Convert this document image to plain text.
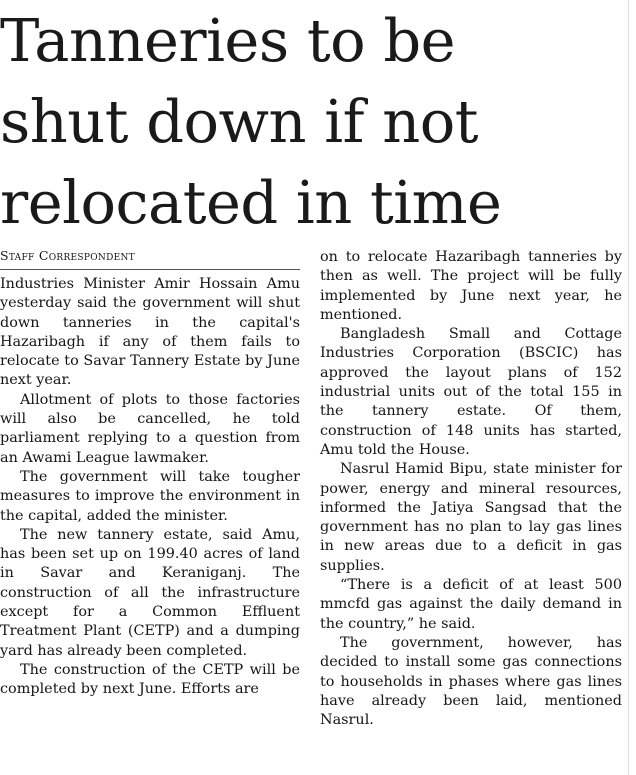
Tanneries to be
shut down if not
relocated in time
Staff Correspondent

Industries Minister Amir Hossain Amu yesterday said the government will shut down tanneries in the capital's Hazaribagh if any of them fails to relocate to Savar Tannery Estate by June next year.

Allotment of plots to those factories will also be cancelled, he told parliament replying to a question from an Awami League lawmaker.

The government will take tougher measures to improve the environment in the capital, added the minister.

The new tannery estate, said Amu, has been set up on 199.40 acres of land in Savar and Keraniganj. The construction of all the infrastructure except for a Common Effluent Treatment Plant (CETP) and a dumping yard has already been completed.

The construction of the CETP will be completed by next June. Efforts are

on to relocate Hazaribagh tanneries by then as well. The project will be fully implemented by June next year, he mentioned.

Bangladesh Small and Cottage Industries Corporation (BSCIC) has approved the layout plans of 152 industrial units out of the total 155 in the tannery estate. Of them, construction of 148 units has started, Amu told the House.

Nasrul Hamid Bipu, state minister for power, energy and mineral resources, informed the Jatiya Sangsad that the government has no plan to lay gas lines in new areas due to a deficit in gas supplies.

“There is a deficit of at least 500 mmcfd gas against the daily demand in the country,” he said.

The government, however, has decided to install some gas connections to households in phases where gas lines have already been laid, mentioned Nasrul.
